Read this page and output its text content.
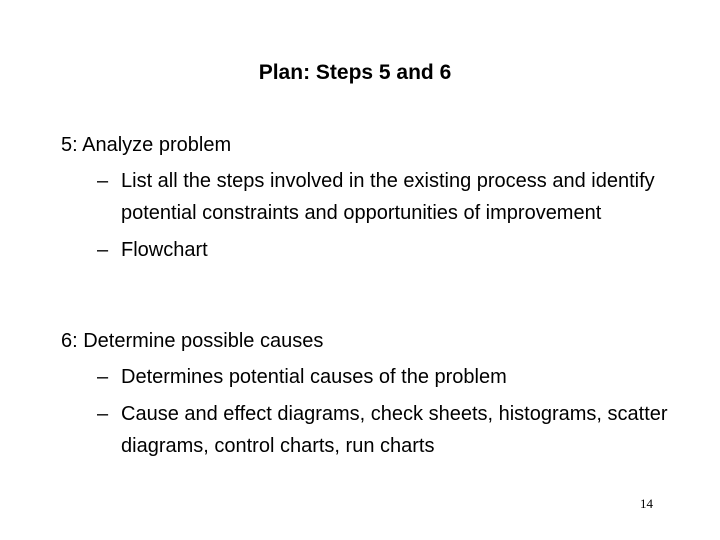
Plan: Steps 5 and 6
5: Analyze problem
– List all the steps involved in the existing process and identify potential constraints and opportunities of improvement
– Flowchart
6: Determine possible causes
– Determines potential causes of the problem
– Cause and effect diagrams, check sheets, histograms, scatter diagrams, control charts, run charts
14
